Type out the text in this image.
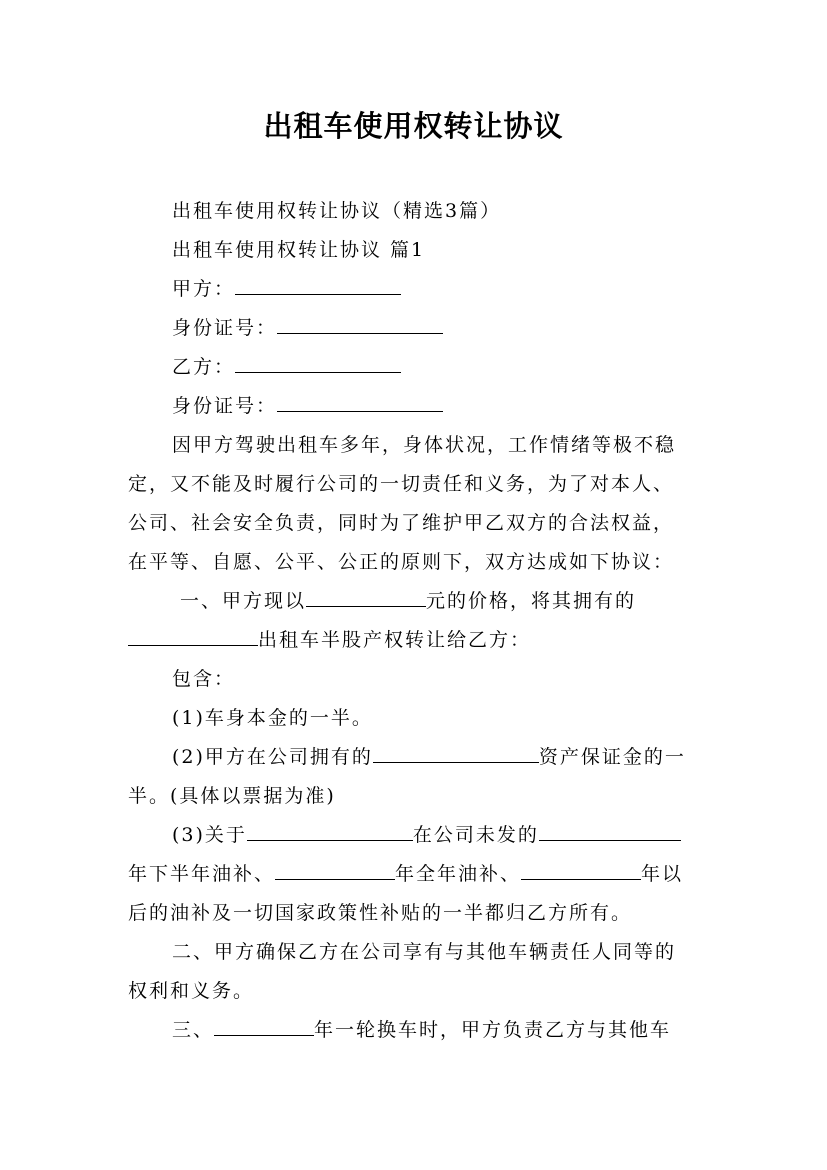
出租车使用权转让协议
出租车使用权转让协议（精选3篇）
出租车使用权转让协议 篇1
甲方：
身份证号：
乙方：
身份证号：
因甲方驾驶出租车多年，身体状况，工作情绪等极不稳
定，又不能及时履行公司的一切责任和义务，为了对本人、
公司、社会安全负责，同时为了维护甲乙双方的合法权益，
在平等、自愿、公平、公正的原则下，双方达成如下协议：
一、甲方现以	元的价格，将其拥有的
出租车半股产权转让给乙方：
包含：
(1)车身本金的一半。
(2)甲方在公司拥有的	资产保证金的一
半。(具体以票据为准)
(3)关于	在公司未发的
年下半年油补、	年全年油补、	年以
后的油补及一切国家政策性补贴的一半都归乙方所有。
二、甲方确保乙方在公司享有与其他车辆责任人同等的
权利和义务。
三、	年一轮换车时，甲方负责乙方与其他车
